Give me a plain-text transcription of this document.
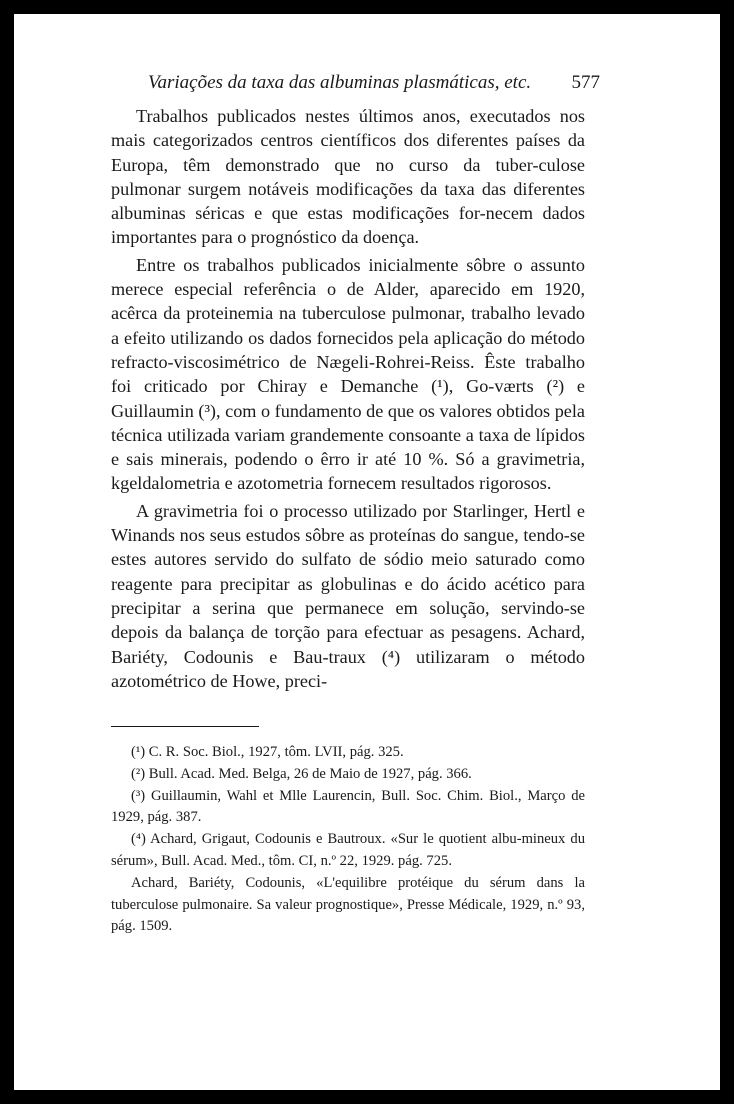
Variações da taxa das albuminas plasmáticas, etc. 577

Trabalhos publicados nestes últimos anos, executados nos mais categorizados centros científicos dos diferentes países da Europa, têm demonstrado que no curso da tuber-culose pulmonar surgem notáveis modificações da taxa das diferentes albuminas séricas e que estas modificações for-necem dados importantes para o prognóstico da doença.

Entre os trabalhos publicados inicialmente sôbre o assunto merece especial referência o de Alder, aparecido em 1920, acêrca da proteinemia na tuberculose pulmonar, trabalho levado a efeito utilizando os dados fornecidos pela aplicação do método refracto-viscosimétrico de Nægeli-Rohrei-Reiss. Êste trabalho foi criticado por Chiray e Demanche (¹), Go-værts (²) e Guillaumin (³), com o fundamento de que os valores obtidos pela técnica utilizada variam grandemente consoante a taxa de lípidos e sais minerais, podendo o êrro ir até 10 %. Só a gravimetria, kgeldalometria e azotometria fornecem resultados rigorosos.

A gravimetria foi o processo utilizado por Starlinger, Hertl e Winands nos seus estudos sôbre as proteínas do sangue, tendo-se estes autores servido do sulfato de sódio meio saturado como reagente para precipitar as globulinas e do ácido acético para precipitar a serina que permanece em solução, servindo-se depois da balança de torção para efectuar as pesagens. Achard, Bariéty, Codounis e Bau-traux (⁴) utilizaram o método azotométrico de Howe, preci-

(¹) C. R. Soc. Biol., 1927, tôm. LVII, pág. 325.

(²) Bull. Acad. Med. Belga, 26 de Maio de 1927, pág. 366.

(³) Guillaumin, Wahl et Mlle Laurencin, Bull. Soc. Chim. Biol., Março de 1929, pág. 387.

(⁴) Achard, Grigaut, Codounis e Bautroux. «Sur le quotient albu-mineux du sérum», Bull. Acad. Med., tôm. CI, n.º 22, 1929. pág. 725.

Achard, Bariéty, Codounis, «L'equilibre protéique du sérum dans la tuberculose pulmonaire. Sa valeur prognostique», Presse Médicale, 1929, n.º 93, pág. 1509.
